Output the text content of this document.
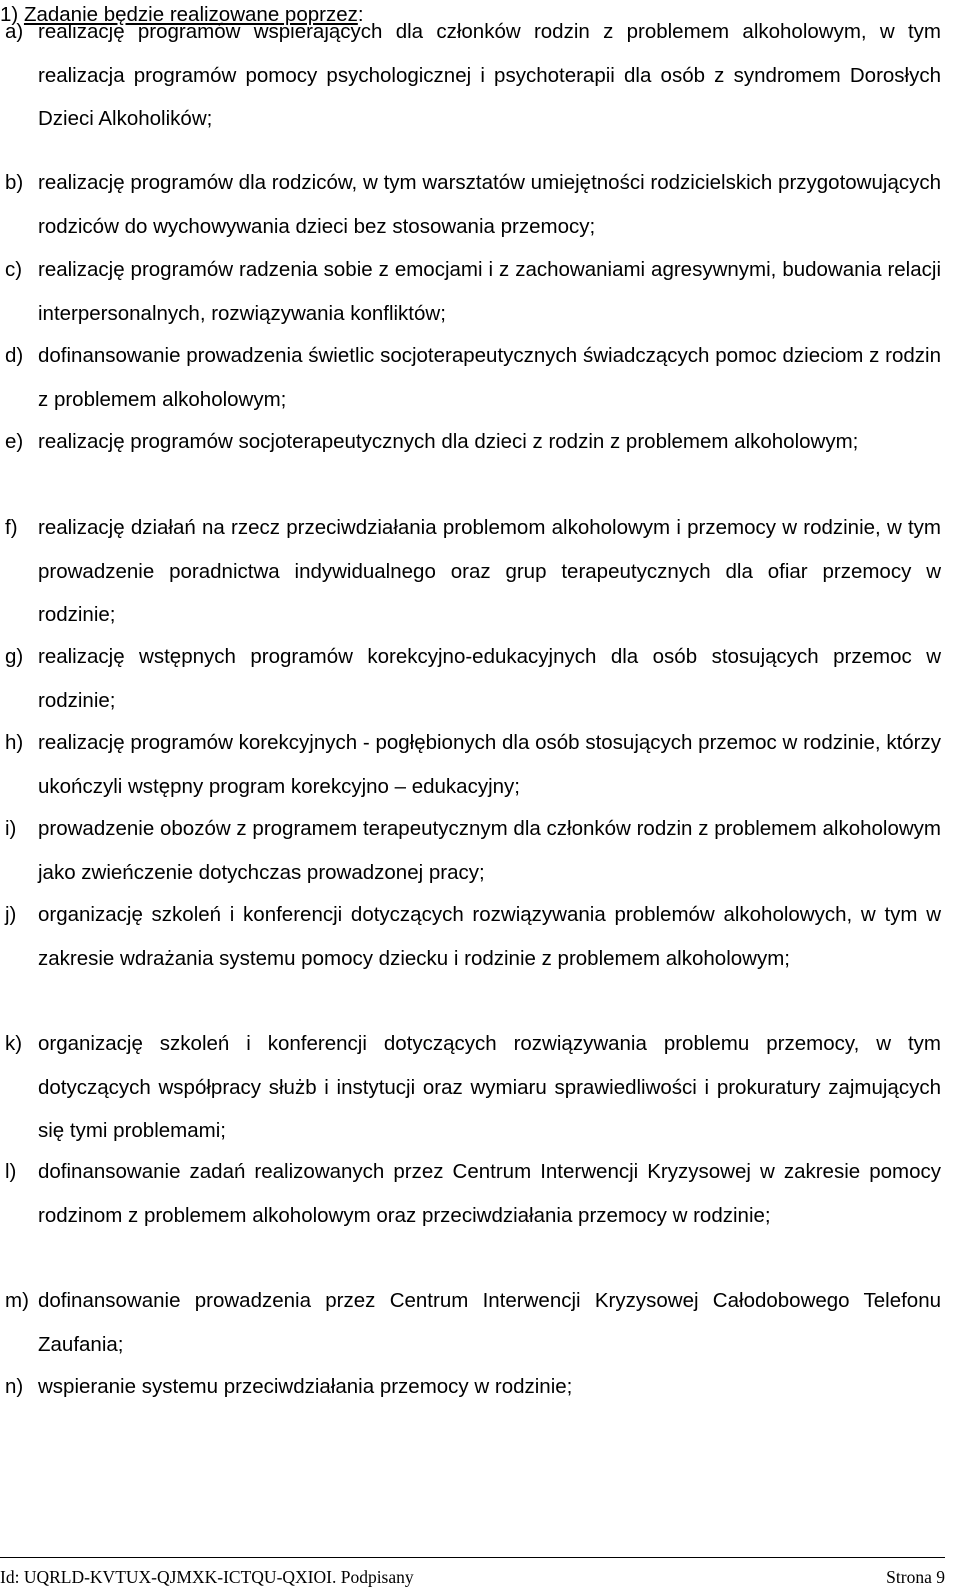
1) Zadanie będzie realizowane poprzez:
a) realizację programów wspierających dla członków rodzin z problemem alkoholowym, w tym realizacja programów pomocy psychologicznej i psychoterapii dla osób z syndromem Dorosłych Dzieci Alkoholików;
b) realizację programów dla rodziców, w tym warsztatów umiejętności rodzicielskich przygotowujących rodziców do wychowywania dzieci bez stosowania przemocy;
c) realizację programów radzenia sobie z emocjami i z zachowaniami agresywnymi, budowania relacji interpersonalnych, rozwiązywania konfliktów;
d) dofinansowanie prowadzenia świetlic socjoterapeutycznych świadczących pomoc dzieciom z rodzin z problemem alkoholowym;
e) realizację programów socjoterapeutycznych dla dzieci z rodzin z problemem alkoholowym;
f) realizację działań na rzecz przeciwdziałania problemom alkoholowym i przemocy w rodzinie, w tym prowadzenie poradnictwa indywidualnego oraz grup terapeutycznych dla ofiar przemocy w rodzinie;
g) realizację wstępnych programów korekcyjno-edukacyjnych dla osób stosujących przemoc w rodzinie;
h) realizację programów korekcyjnych - pogłębionych dla osób stosujących przemoc w rodzinie, którzy ukończyli wstępny program korekcyjno – edukacyjny;
i) prowadzenie obozów z programem terapeutycznym dla członków rodzin z problemem alkoholowym jako zwieńczenie dotychczas prowadzonej pracy;
j) organizację szkoleń i konferencji dotyczących rozwiązywania problemów alkoholowych, w tym w zakresie wdrażania systemu pomocy dziecku i rodzinie z problemem alkoholowym;
k) organizację szkoleń i konferencji dotyczących rozwiązywania problemu przemocy, w tym dotyczących współpracy służb i instytucji oraz wymiaru sprawiedliwości i prokuratury zajmujących się tymi problemami;
l) dofinansowanie zadań realizowanych przez Centrum Interwencji Kryzysowej w zakresie pomocy rodzinom z problemem alkoholowym oraz przeciwdziałania przemocy w rodzinie;
m) dofinansowanie prowadzenia przez Centrum Interwencji Kryzysowej Całodobowego Telefonu Zaufania;
n) wspieranie systemu przeciwdziałania przemocy w rodzinie;
Id: UQRLD-KVTUX-QJMXK-ICTQU-QXIOI. Podpisany	Strona 9
